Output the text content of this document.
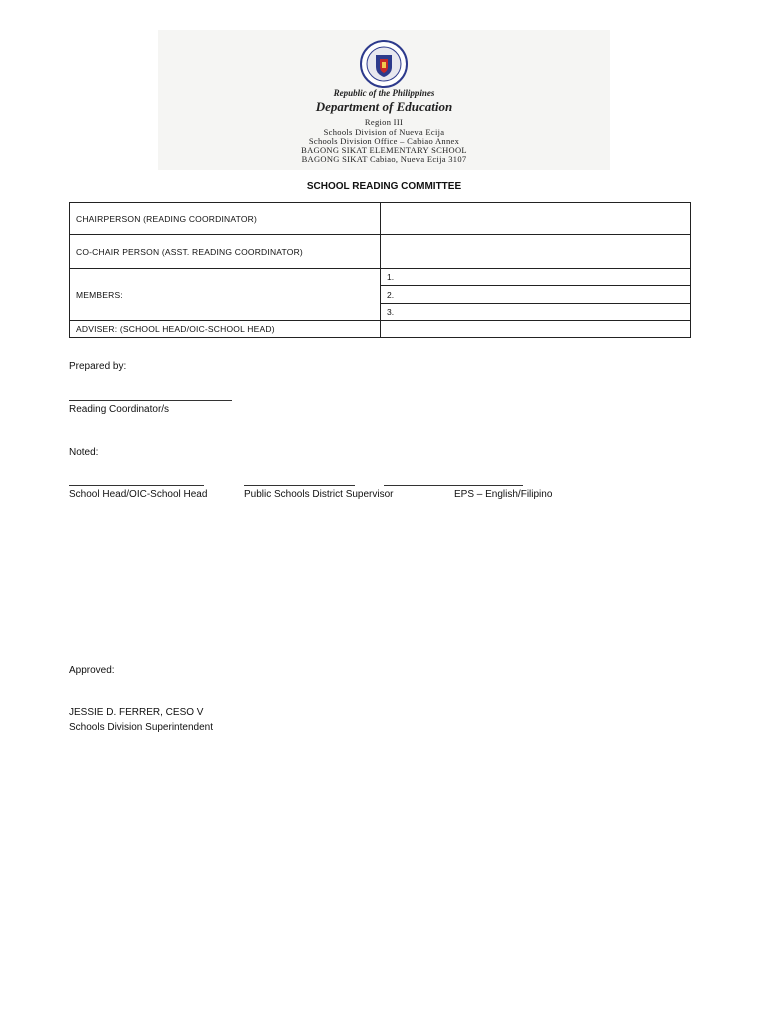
Republic of the Philippines
Department of Education
Region III
Schools Division of Nueva Ecija
Schools Division Office – Cabiao Annex
BAGONG SIKAT ELEMENTARY SCHOOL
BAGONG SIKAT Cabiao, Nueva Ecija 3107
SCHOOL READING COMMITTEE
CHAIRPERSON (READING COORDINATOR)	
CO-CHAIR PERSON (ASST. READING COORDINATOR)	
MEMBERS:	1.
	2.
	3.
ADVISER: (SCHOOL HEAD/OIC-SCHOOL HEAD)	
Prepared by:
Reading Coordinator/s
Noted:
School Head/OIC-School Head	Public Schools District Supervisor	EPS – English/Filipino
Approved:
JESSIE D. FERRER, CESO V
Schools Division Superintendent
